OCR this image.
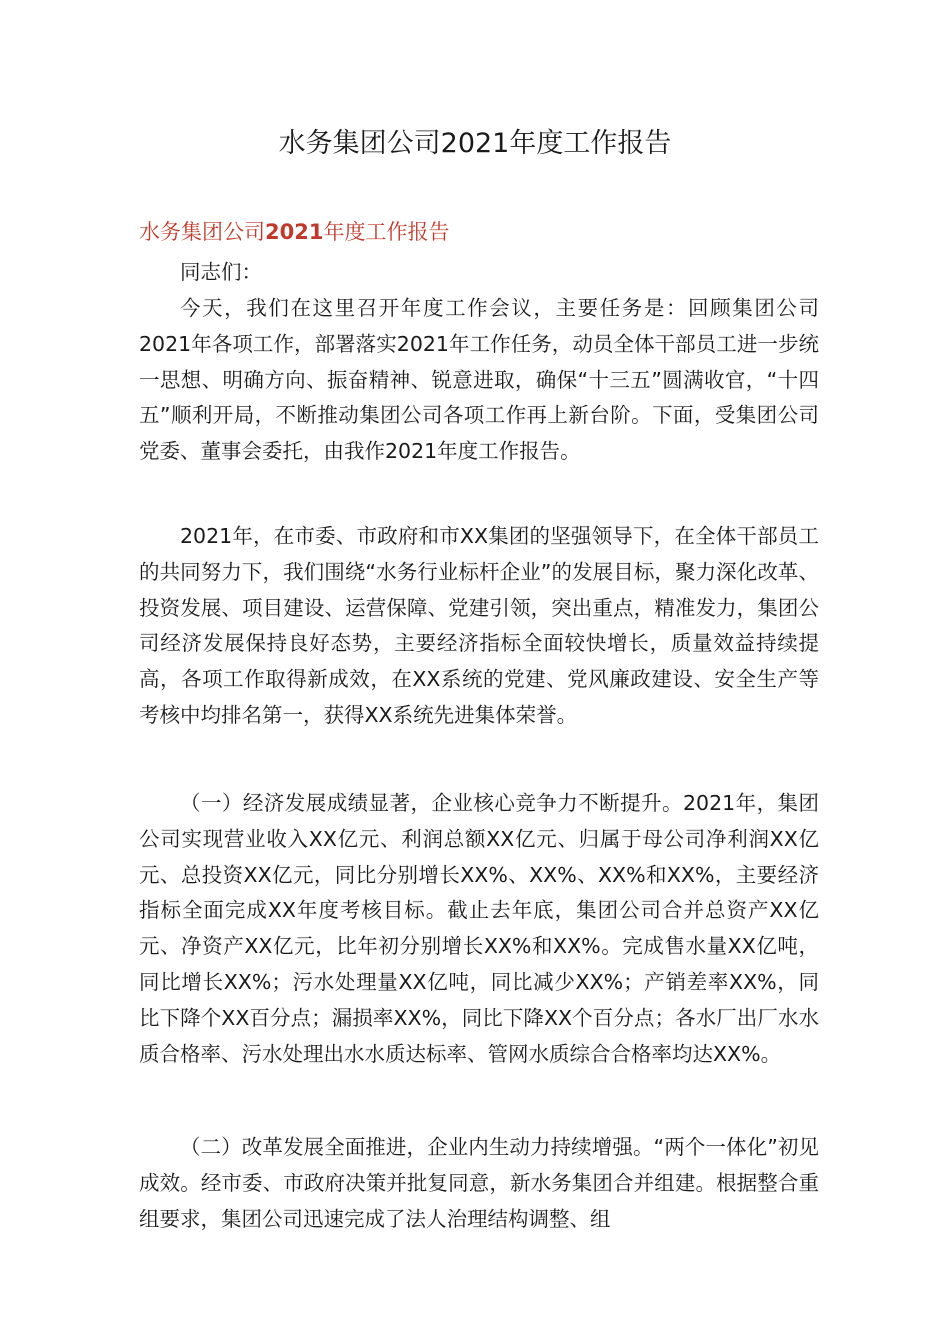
水务集团公司2021年度工作报告
水务集团公司2021年度工作报告
同志们：

今天，我们在这里召开年度工作会议，主要任务是：回顾集团公司2021年各项工作，部署落实2021年工作任务，动员全体干部员工进一步统一思想、明确方向、振奋精神、锐意进取，确保“十三五”圆满收官，“十四五”顺利开局，不断推动集团公司各项工作再上新台阶。下面，受集团公司党委、董事会委托，由我作2021年度工作报告。

2021年，在市委、市政府和市XX集团的坚强领导下，在全体干部员工的共同努力下，我们围绕“水务行业标杆企业”的发展目标，聚力深化改革、投资发展、项目建设、运营保障、党建引领，突出重点，精准发力，集团公司经济发展保持良好态势，主要经济指标全面较快增长，质量效益持续提高，各项工作取得新成效，在XX系统的党建、党风廉政建设、安全生产等考核中均排名第一，获得XX系统先进集体荣誉。

（一）经济发展成绩显著，企业核心竞争力不断提升。2021年，集团公司实现营业收入XX亿元、利润总额XX亿元、归属于母公司净利润XX亿元、总投资XX亿元，同比分别增长XX%、XX%、XX%和XX%，主要经济指标全面完成XX年度考核目标。截止去年底，集团公司合并总资产XX亿元、净资产XX亿元，比年初分别增长XX%和XX%。完成售水量XX亿吨，同比增长XX%；污水处理量XX亿吨，同比减少XX%；产销差率XX%，同比下降个XX百分点；漏损率XX%，同比下降XX个百分点；各水厂出厂水水质合格率、污水处理出水水质达标率、管网水质综合合格率均达XX%。

（二）改革发展全面推进，企业内生动力持续增强。“两个一体化”初见成效。经市委、市政府决策并批复同意，新水务集团合并组建。根据整合重组要求，集团公司迅速完成了法人治理结构调整、组
